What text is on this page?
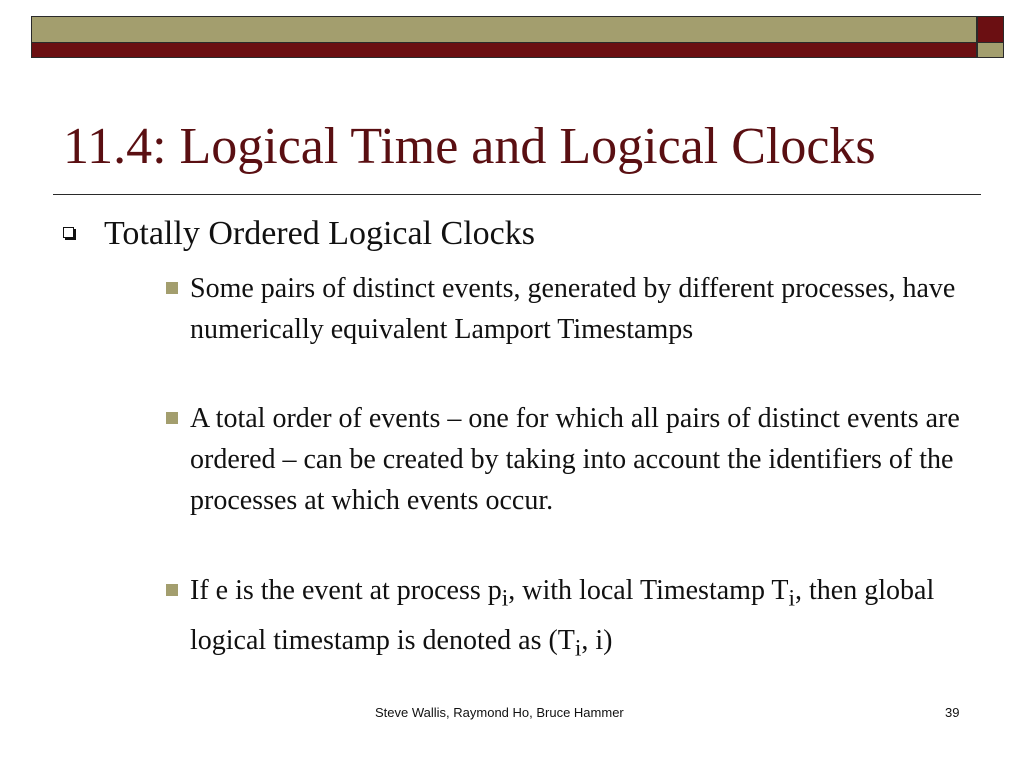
11.4: Logical Time and Logical Clocks
Totally Ordered Logical Clocks
Some pairs of distinct events, generated by different processes, have numerically equivalent Lamport Timestamps
A total order of events – one for which all pairs of distinct events are ordered – can be created by taking into account the identifiers of the processes at which events occur.
If e is the event at process $p_i$, with local Timestamp $T_i$, then global logical timestamp is denoted as ($T_i$, i)
Steve Wallis, Raymond Ho, Bruce Hammer	39
